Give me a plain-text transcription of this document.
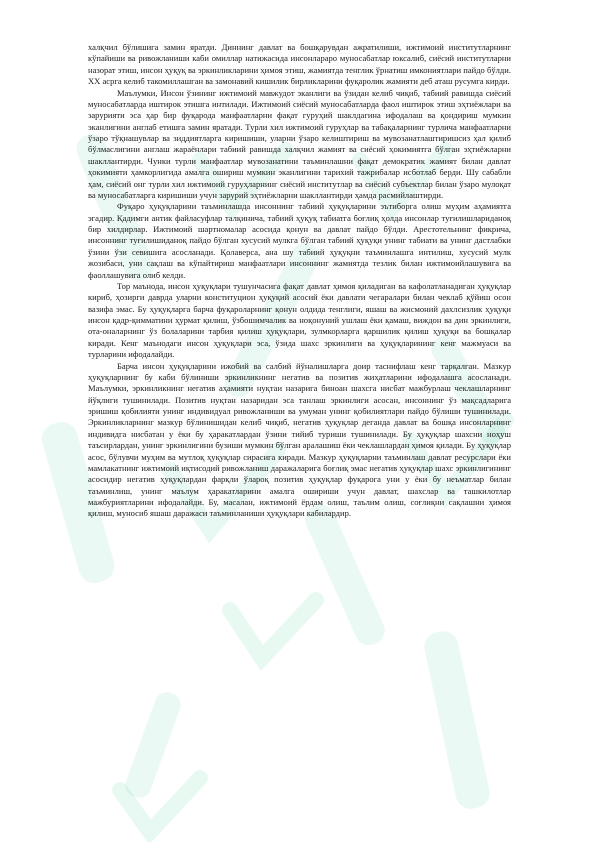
халқчил бўлишига замин яратди. Диннинг давлат ва бошқарувдан ажратилиши, ижтимоий институтларнинг кўпайиши ва ривожланиши каби омиллар натижасида инсонлараро муносабатлар юксалиб, сиёсий институтларни назорат этиш, инсон ҳуқуқ ва эркинликларини ҳимоя этиш, жамиятда тенглик ўрнатиш имкониятлари пайдо бўлди. XX асрга келиб такомиллашган ва замонавий кишилик бирликларини фуқаролик жамияти деб аташ русумга кирди.

Маълумки, Инсон ўзининг ижтимоий мавжудот эканлиги ва ўзидан келиб чиқиб, табиий равишда сиёсий муносабатларда иштирок этишга интилади. Ижтимоий сиёсий муносабатларда фаол иштирок этиш эҳтиёжлари ва зарурияти эса ҳар бир фуқарода манфаатларни фақат гуруҳий шаклдагина ифодалаш ва қондириш мумкин эканлигини англаб етишга замин яратади. Турли хил ижтимоий гуруҳлар ва табақаларнинг турлича манфаатларни ўзаро тўқнашувлар ва зиддиятларга киришиши, уларни ўзаро келиштириш ва мувозанатлаштиришсиз ҳал қилиб бўлмаслигини англаш жараёнлари табиий равишда халқчил жамият ва сиёсий ҳокимиятга бўлган эҳтиёжларни шакллантирди. Чунки турли манфаатлар мувозанатини таъминлашни фақат демократик жамият билан давлат ҳокимияти ҳамкорлигида амалга ошириш мумкин эканлигини тарихий тажрибалар исботлаб берди. Шу сабабли ҳам, сиёсий онг турли хил ижтимоий гуруҳларнинг сиёсий институтлар ва сиёсий субъектлар билан ўзаро мулоқат ва муносабатларга киришиши учун зарурий эҳтиёжларни шакллантирди ҳамда расмийлаштирди.

Фуқаро ҳуқуқларини таъминлашда инсоннинг табиий ҳуқуқларини эътиборга олиш муҳим аҳамиятга эгадир. Қадимги антик файласуфлар талқинича, табиий ҳуқуқ табиатга боғлиқ ҳолда инсонлар туғилишлариданоқ бир хилдирлар. Ижтимоий шартномалар асосида қонун ва давлат пайдо бўлди. Арестотельнинг фикрича, инсоннинг туғилишиданоқ пайдо бўлган хусусий мулкга бўлган табиий ҳуқуқи унинг табиати ва унинг дастлабки ўзини ўзи севишига асосланади. Қолаверса, ана шу табиий ҳуқуқни таъминлашга интилиш, хусусий мулк жозибаси, уни сақлаш ва кўпайтириш манфаатлари инсоннинг жамиятда тезлик билан ижтимоийлашувига ва фаоллашувига олиб келди.

Тор маънода, инсон ҳуқуқлари тушунчасига фақат давлат ҳимоя қиладиган ва кафолатланадиган ҳуқуқлар кириб, ҳозирги даврда уларни конституцион ҳуқуқий асосий ёки давлати чегаралари билан чеклаб қўйиш осон вазифа эмас. Бу ҳуқуқларга барча фуқароларнинг қонун олдида тенглиги, яшаш ва жисмоний дахлсизлик ҳуқуқи инсон қадр-қимматини ҳурмат қилиш, ўзбошимчалик ва ноқонуний ушлаш ёки қамаш, виждон ва дин эркинлиги, ота-оналарнинг ўз болаларини тарбия қилиш ҳуқуқлари, зулмкорларга қаршилик қилиш ҳуқуқи ва бошқалар киради. Кенг маънодаги инсон ҳуқуқлари эса, ўзида шахс эркинлиги ва ҳуқуқларининг кенг мажмуаси ва турларини ифодалайди.

Барча инсон ҳуқуқларини ижобий ва салбий йўналишларга доир таснифлаш кенг тарқалган. Мазкур ҳуқуқларнинг бу каби бўлиниши эркинликнинг негатив ва позитив жиҳатларини ифодалашга асосланади. Маълумки, эркинликнинг негатив аҳамияти нуқтаи назарига биноан шахсга нисбат мажбурлаш чеклашларнинг йўқлиги тушинилади. Позитив нуқтан назаридан эса танлаш эркинлиги асосан, инсоннинг ўз мақсадларига эришиш қобилияти унинг индивидуал ривожланиши ва умуман унинг қобилиятлари пайдо бўлиши тушинилади. Эркинликларнинг мазкур бўлинишидан келиб чиқиб, негатив ҳуқуқлар деганда давлат ва бошқа инсонларнинг индивидга нисбатан у ёки бу ҳаракатлардан ўзини тийиб туриши тушинилади. Бу ҳуқуқлар шахсни ноҳуш таъсирлардан, унинг эркинлигини бузиши мумкин бўлган аралашиш ёки чеклашлардан ҳимоя қилади. Бу ҳуқуқлар асос, бўлувчи муҳим ва мутлоқ ҳуқуқлар сирасига киради. Мазкур ҳуқуқларни таъминлаш давлат ресурслари ёки мамлакатнинг ижтимоий иқтисодий ривожланиш даражаларига боғлиқ эмас негатив ҳуқуқлар шахс эркинлигининг асосидир негатив ҳуқуқлардан фарқли ўлароқ позитив ҳуқуқлар фуқарога уни у ёки бу неъматлар билан таъминлиш, унинг маълум ҳаракатларини амалга ошириши учун давлат, шахслар ва ташкилотлар мажбуриятларини ифодалайди. Бу, масалан, ижтимоий ёрдам олиш, таълим олиш, соғлиқни сақлашни ҳимоя қилиш, муносиб яшаш даражаси таъминланиши ҳуқуқлари кабилардир.
